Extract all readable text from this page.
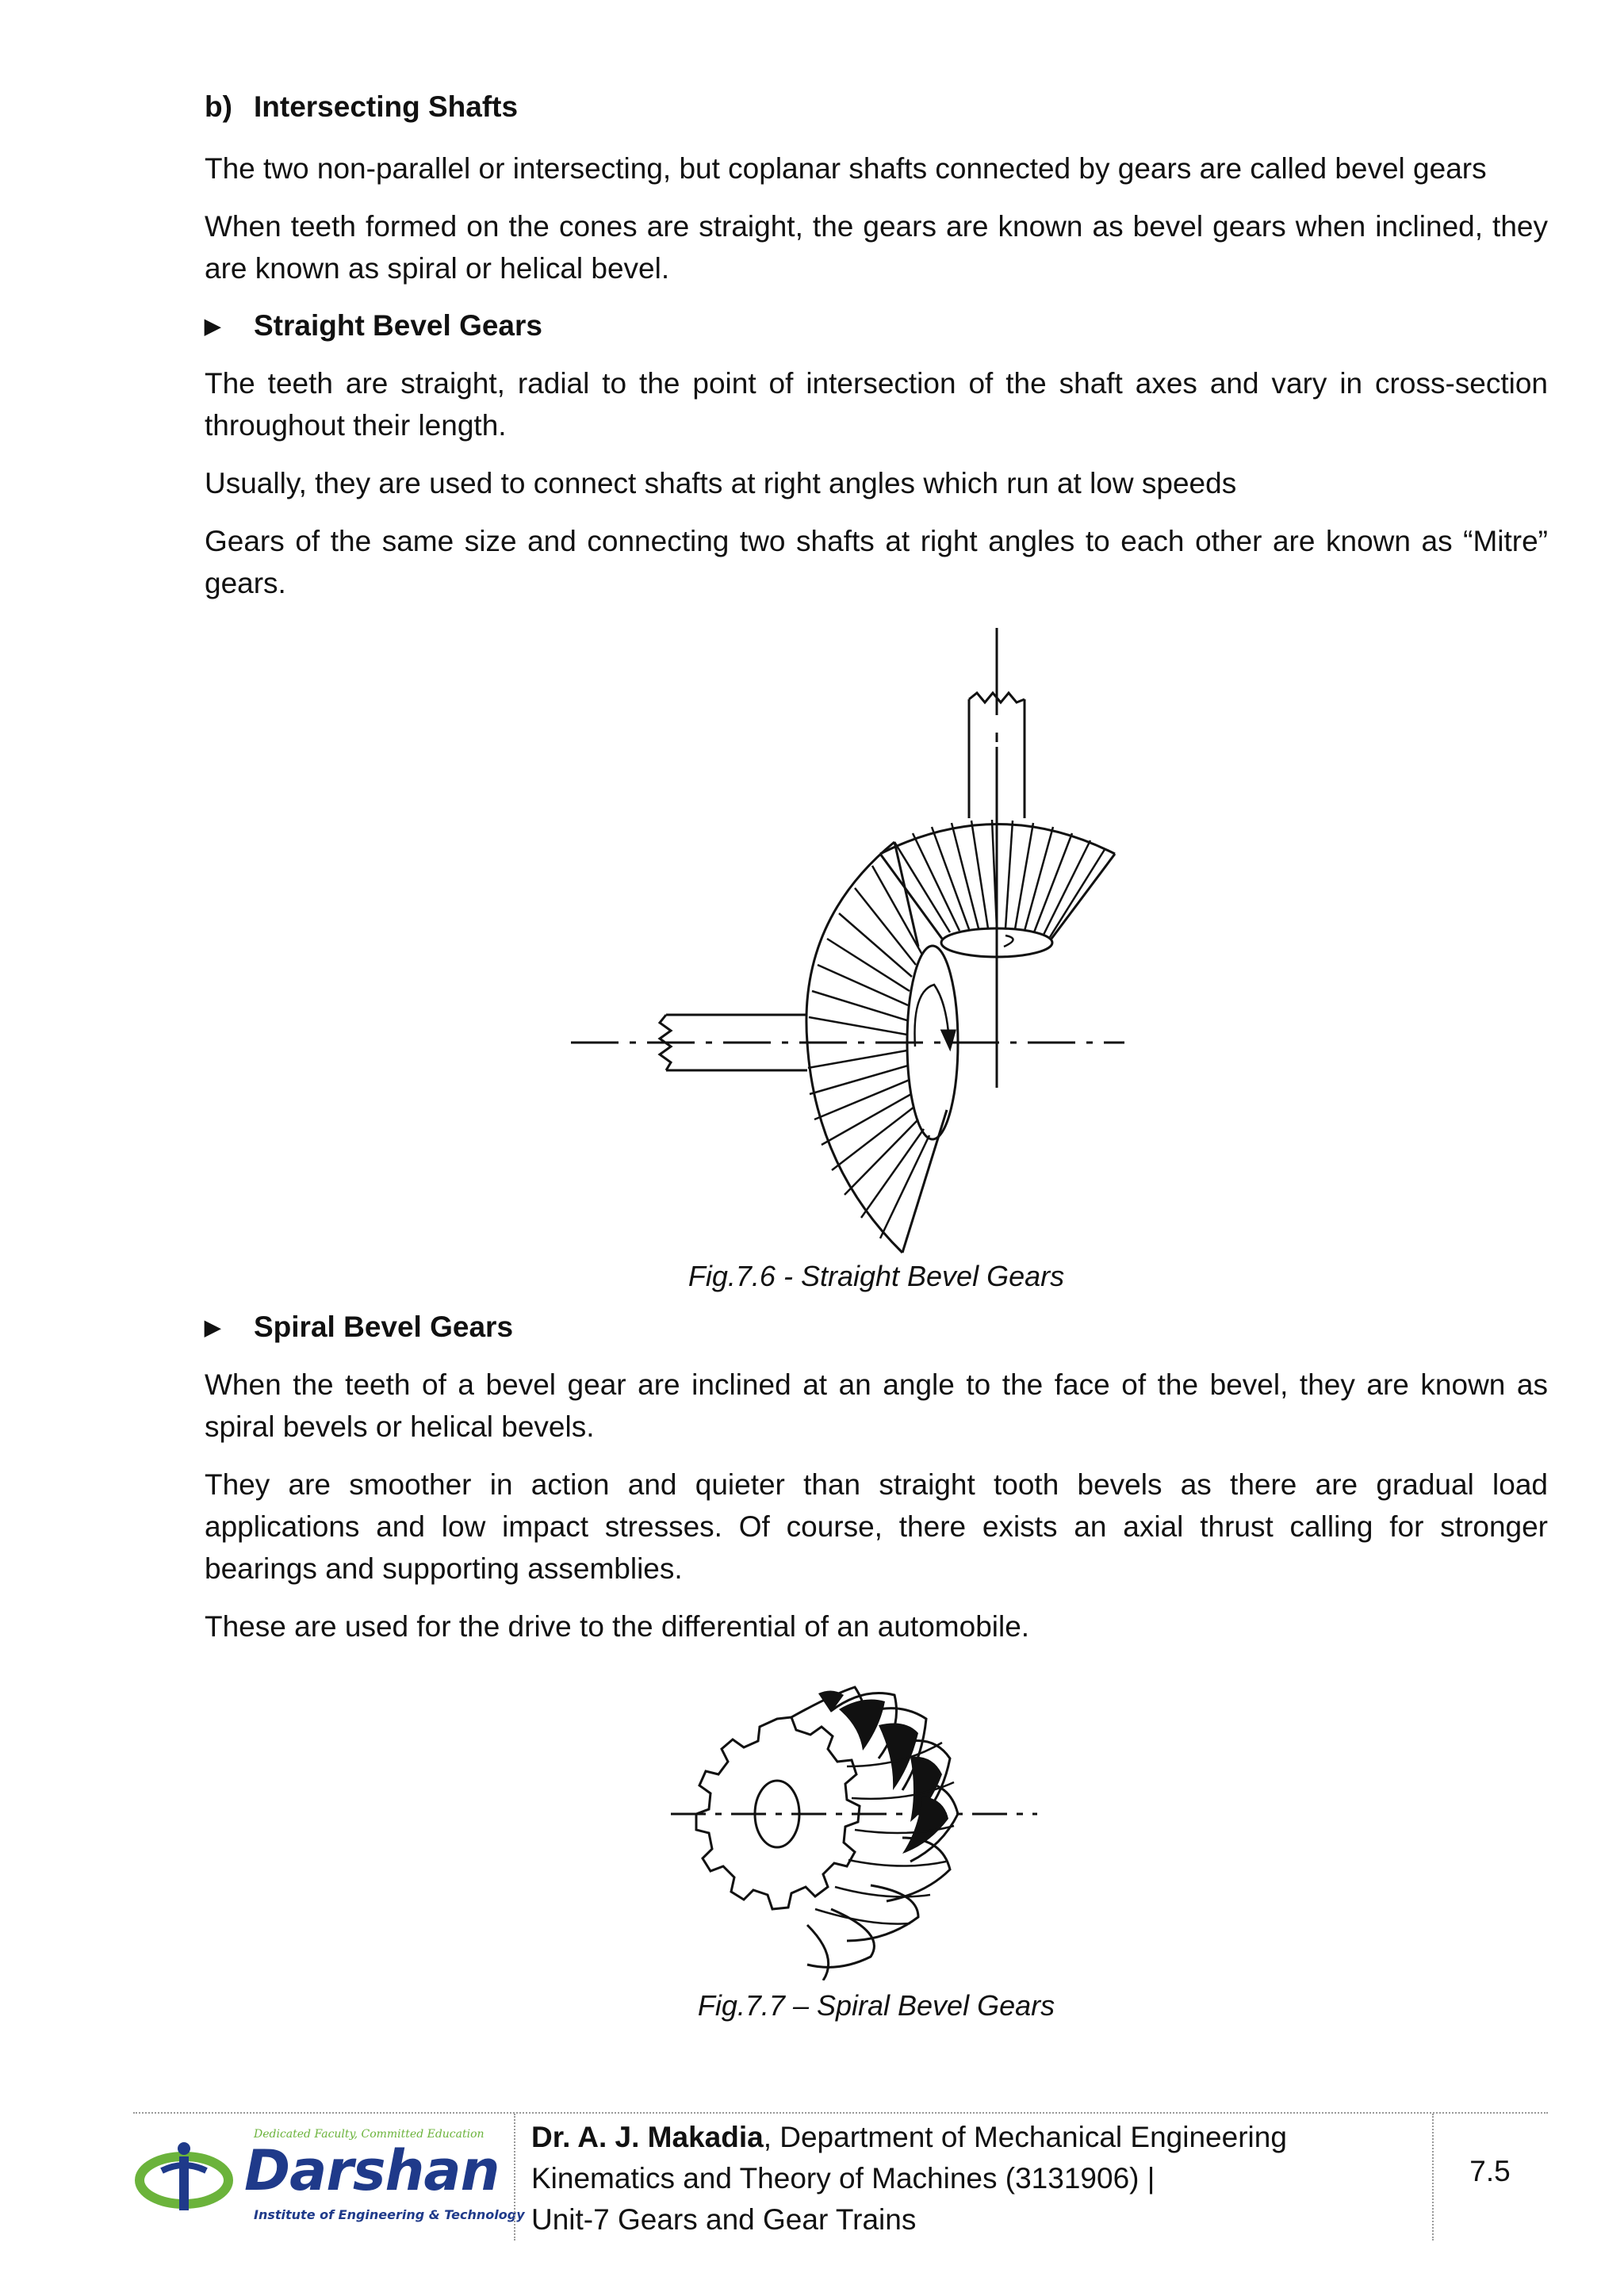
b) Intersecting Shafts

The two non-parallel or intersecting, but coplanar shafts connected by gears are called bevel gears

When teeth formed on the cones are straight, the gears are known as bevel gears when inclined, they are known as spiral or helical bevel.

▶ Straight Bevel Gears

The teeth are straight, radial to the point of intersection of the shaft axes and vary in cross-section throughout their length.

Usually, they are used to connect shafts at right angles which run at low speeds

Gears of the same size and connecting two shafts at right angles to each other are known as “Mitre” gears.

Fig.7.6 - Straight Bevel Gears
▶ Spiral Bevel Gears

When the teeth of a bevel gear are inclined at an angle to the face of the bevel, they are known as spiral bevels or helical bevels.

They are smoother in action and quieter than straight tooth bevels as there are gradual load applications and low impact stresses. Of course, there exists an axial thrust calling for stronger bearings and supporting assemblies.

These are used for the drive to the differential of an automobile.

Fig.7.7 – Spiral Bevel Gears
Dedicated Faculty, Committed Education
Darshan
Institute of Engineering & Technology
Dr. A. J. Makadia, Department of Mechanical Engineering
Kinematics and Theory of Machines (3131906) |
Unit-7 Gears and Gear Trains
7.5
